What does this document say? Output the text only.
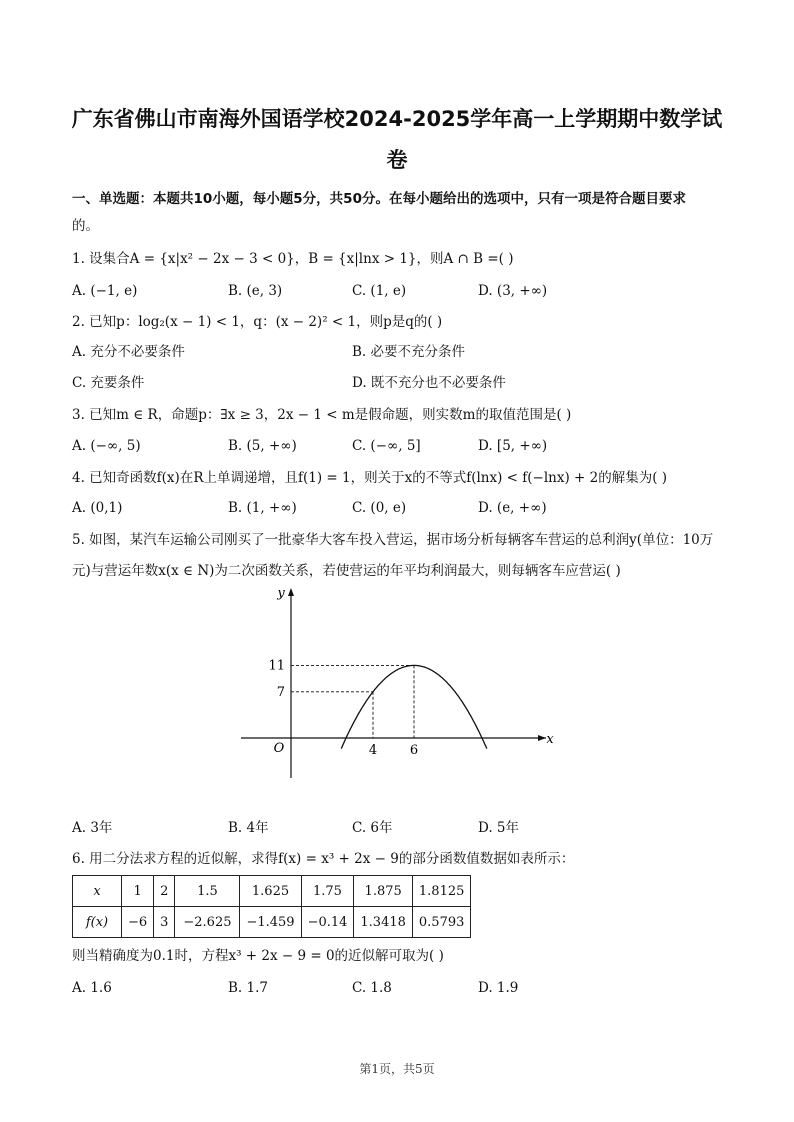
广东省佛山市南海外国语学校2024-2025学年高一上学期期中数学试
卷
一、单选题：本题共10小题，每小题5分，共50分。在每小题给出的选项中，只有一项是符合题目要求
的。
1. 设集合A = {x|x² − 2x − 3 < 0}，B = {x|lnx > 1}，则A ∩ B =( )
A. (−1, e)	B. (e, 3)	C. (1, e)	D. (3, +∞)
2. 已知p：log₂(x − 1) < 1，q：(x − 2)² < 1，则p是q的( )
A. 充分不必要条件	B. 必要不充分条件
C. 充要条件	D. 既不充分也不必要条件
3. 已知m ∈ R，命题p：∃x ≥ 3，2x − 1 < m是假命题，则实数m的取值范围是( )
A. (−∞, 5)	B. (5, +∞)	C. (−∞, 5]	D. [5, +∞)
4. 已知奇函数f(x)在R上单调递增，且f(1) = 1，则关于x的不等式f(lnx) < f(−lnx) + 2的解集为( )
A. (0,1)	B. (1, +∞)	C. (0, e)	D. (e, +∞)
5. 如图，某汽车运输公司刚买了一批豪华大客车投入营运，据市场分析每辆客车营运的总利润y(单位：10万
元)与营运年数x(x ∈ N)为二次函数关系，若使营运的年平均利润最大，则每辆客车应营运( )
4	6
7
11
O
x
y
A. 3年	B. 4年	C. 6年	D. 5年
6. 用二分法求方程的近似解，求得f(x) = x³ + 2x − 9的部分函数值数据如表所示：
x	1	2	1.5	1.625	1.75	1.875	1.8125
f(x)	−6	3	−2.625	−1.459	−0.14	1.3418	0.5793
则当精确度为0.1时，方程x³ + 2x − 9 = 0的近似解可取为( )
A. 1.6	B. 1.7	C. 1.8	D. 1.9
第1页，共5页
